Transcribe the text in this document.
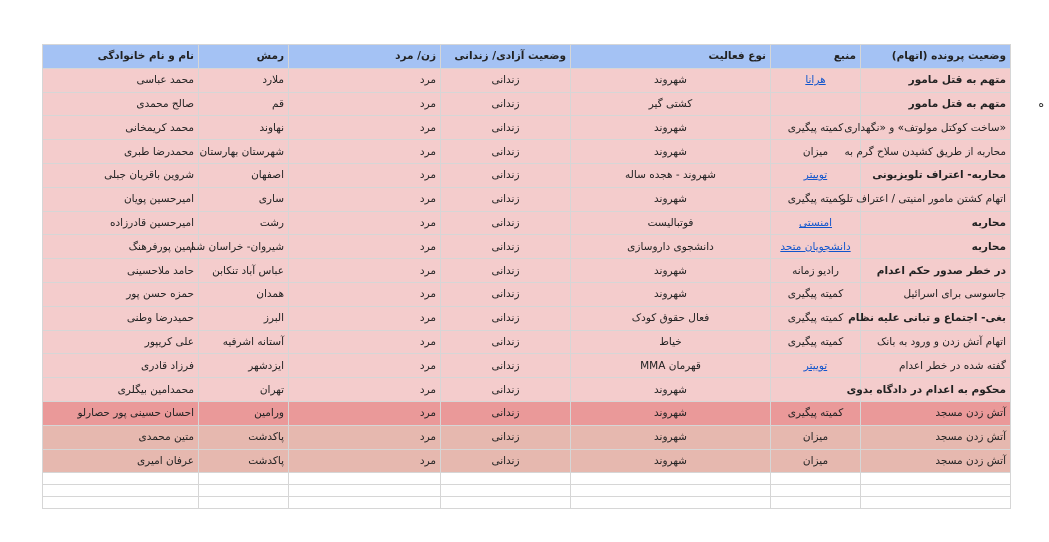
نام و نام خانوادگی	رمش	زن/ مرد	وضعیت آزادی/ زندانی	نوع فعالیت	منبع	وضعیت پرونده (اتهام)	
محمد عباسی	ملارد	مرد	زندانی	شهروند	هرانا	متهم به قتل مامور	
صالح محمدی	قم	مرد	زندانی	کشتی گیر		متهم به قتل مامور	ه
محمد کریمخانی	نهاوند	مرد	زندانی	شهروند	کمیته پیگیری	«ساخت کوکتل مولوتف» و «نگهداری	
محمدرضا طبری	شهرستان بهارستان	مرد	زندانی	شهروند	میزان	محاربه از طریق کشیدن سلاح گرم به	
شروین باقریان جبلی	اصفهان	مرد	زندانی	شهروند - هجده ساله	توییتر	محاربه- اعتراف تلویزیونی	
امیرحسین پویان	ساری	مرد	زندانی	شهروند	کمیته پیگیری	اتهام کشتن مامور امنیتی / اعتراف تلو	
امیرحسین قادرزاده	رشت	مرد	زندانی	فوتبالیست	امنستی	محاربه	
امین پورفرهنگ	شیروان- خراسان شم	مرد	زندانی	دانشجوی داروسازی	دانشجویان متحد	محاربه	
حامد ملاحسینی	عباس آباد تنکابن	مرد	زندانی	شهروند	رادیو زمانه	در خطر صدور حکم اعدام	
حمزه حسن پور	همدان	مرد	زندانی	شهروند	کمیته پیگیری	جاسوسی برای اسرائیل	
حمیدرضا وطنی	البرز	مرد	زندانی	فعال حقوق کودک	کمیته پیگیری	بغی- اجتماع و تبانی علیه نظام	
علی کریپور	آستانه اشرفیه	مرد	زندانی	خیاط	کمیته پیگیری	اتهام آتش زدن و ورود به بانک	
فرزاد قادری	ایزدشهر	مرد	زندانی	قهرمان MMA	توییتر	گفته شده در خطر اعدام	
محمدامین بیگلری	تهران	مرد	زندانی	شهروند		محکوم به اعدام در دادگاه بدوی	
احسان حسینی پور حصارلو	ورامین	مرد	زندانی	شهروند	کمیته پیگیری	آتش زدن مسجد	
متین محمدی	پاکدشت	مرد	زندانی	شهروند	میزان	آتش زدن مسجد	
عرفان امیری	پاکدشت	مرد	زندانی	شهروند	میزان	آتش زدن مسجد	
